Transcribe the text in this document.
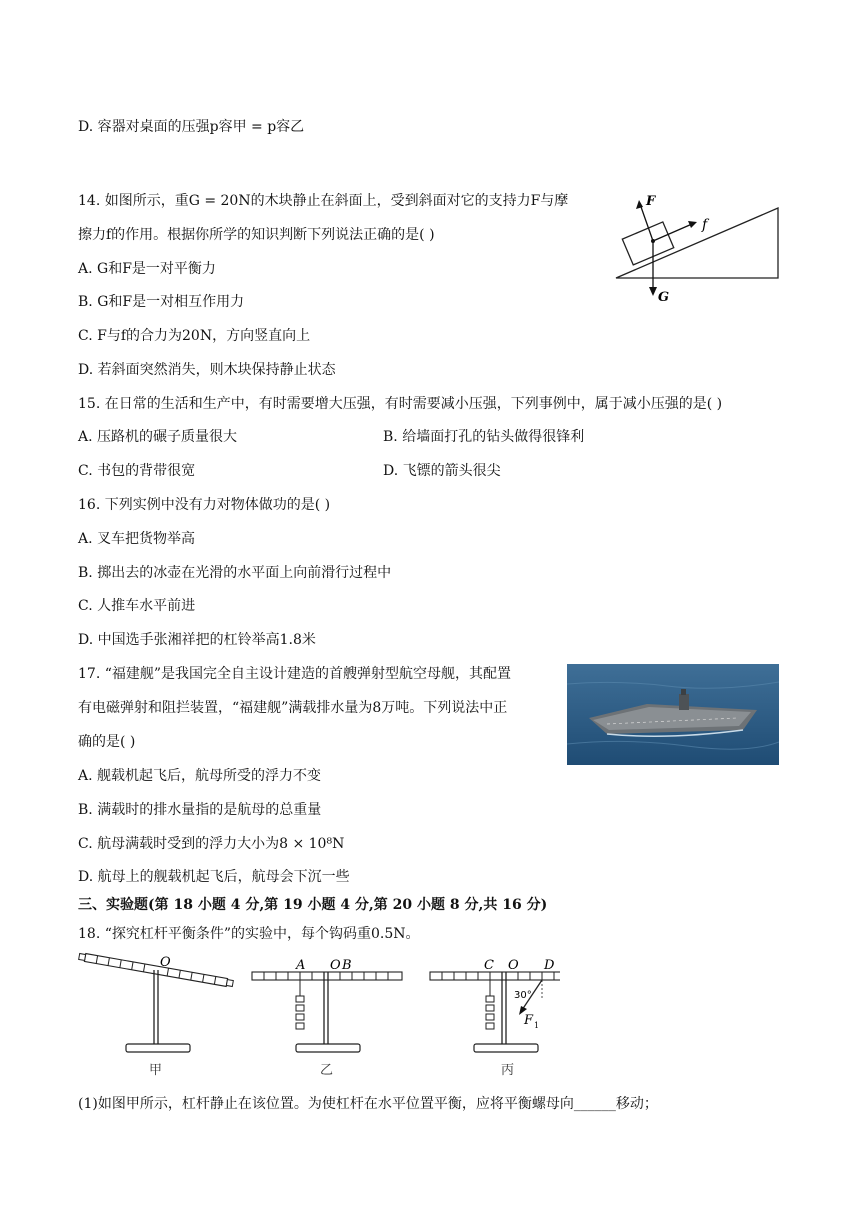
D. 容器对桌面的压强p容甲 = p容乙
14. 如图所示，重G = 20N的木块静止在斜面上，受到斜面对它的支持力F与摩
擦力f的作用。根据你所学的知识判断下列说法正确的是( )
A. G和F是一对平衡力
B. G和F是一对相互作用力
C. F与f的合力为20N，方向竖直向上
D. 若斜面突然消失，则木块保持静止状态
F
f
G
15. 在日常的生活和生产中，有时需要增大压强，有时需要减小压强，下列事例中，属于减小压强的是( )
A. 压路机的碾子质量很大	B. 给墙面打孔的钻头做得很锋利
C. 书包的背带很宽	D. 飞镖的箭头很尖
16. 下列实例中没有力对物体做功的是( )
A. 叉车把货物举高
B. 掷出去的冰壶在光滑的水平面上向前滑行过程中
C. 人推车水平前进
D. 中国选手张湘祥把的杠铃举高1.8米
17. “福建舰”是我国完全自主设计建造的首艘弹射型航空母舰，其配置
有电磁弹射和阻拦装置，“福建舰”满载排水量为8万吨。下列说法中正
确的是( )
A. 舰载机起飞后，航母所受的浮力不变
B. 满载时的排水量指的是航母的总重量
C. 航母满载时受到的浮力大小为8 × 10⁸N
D. 航母上的舰载机起飞后，航母会下沉一些
三、实验题(第 18 小题 4 分,第 19 小题 4 分,第 20 小题 8 分,共 16 分)
18. “探究杠杆平衡条件”的实验中，每个钩码重0.5N。
O
甲
A O B
乙
30°
C O D
F 1
丙
(1)如图甲所示，杠杆静止在该位置。为使杠杆在水平位置平衡，应将平衡螺母向______移动；
